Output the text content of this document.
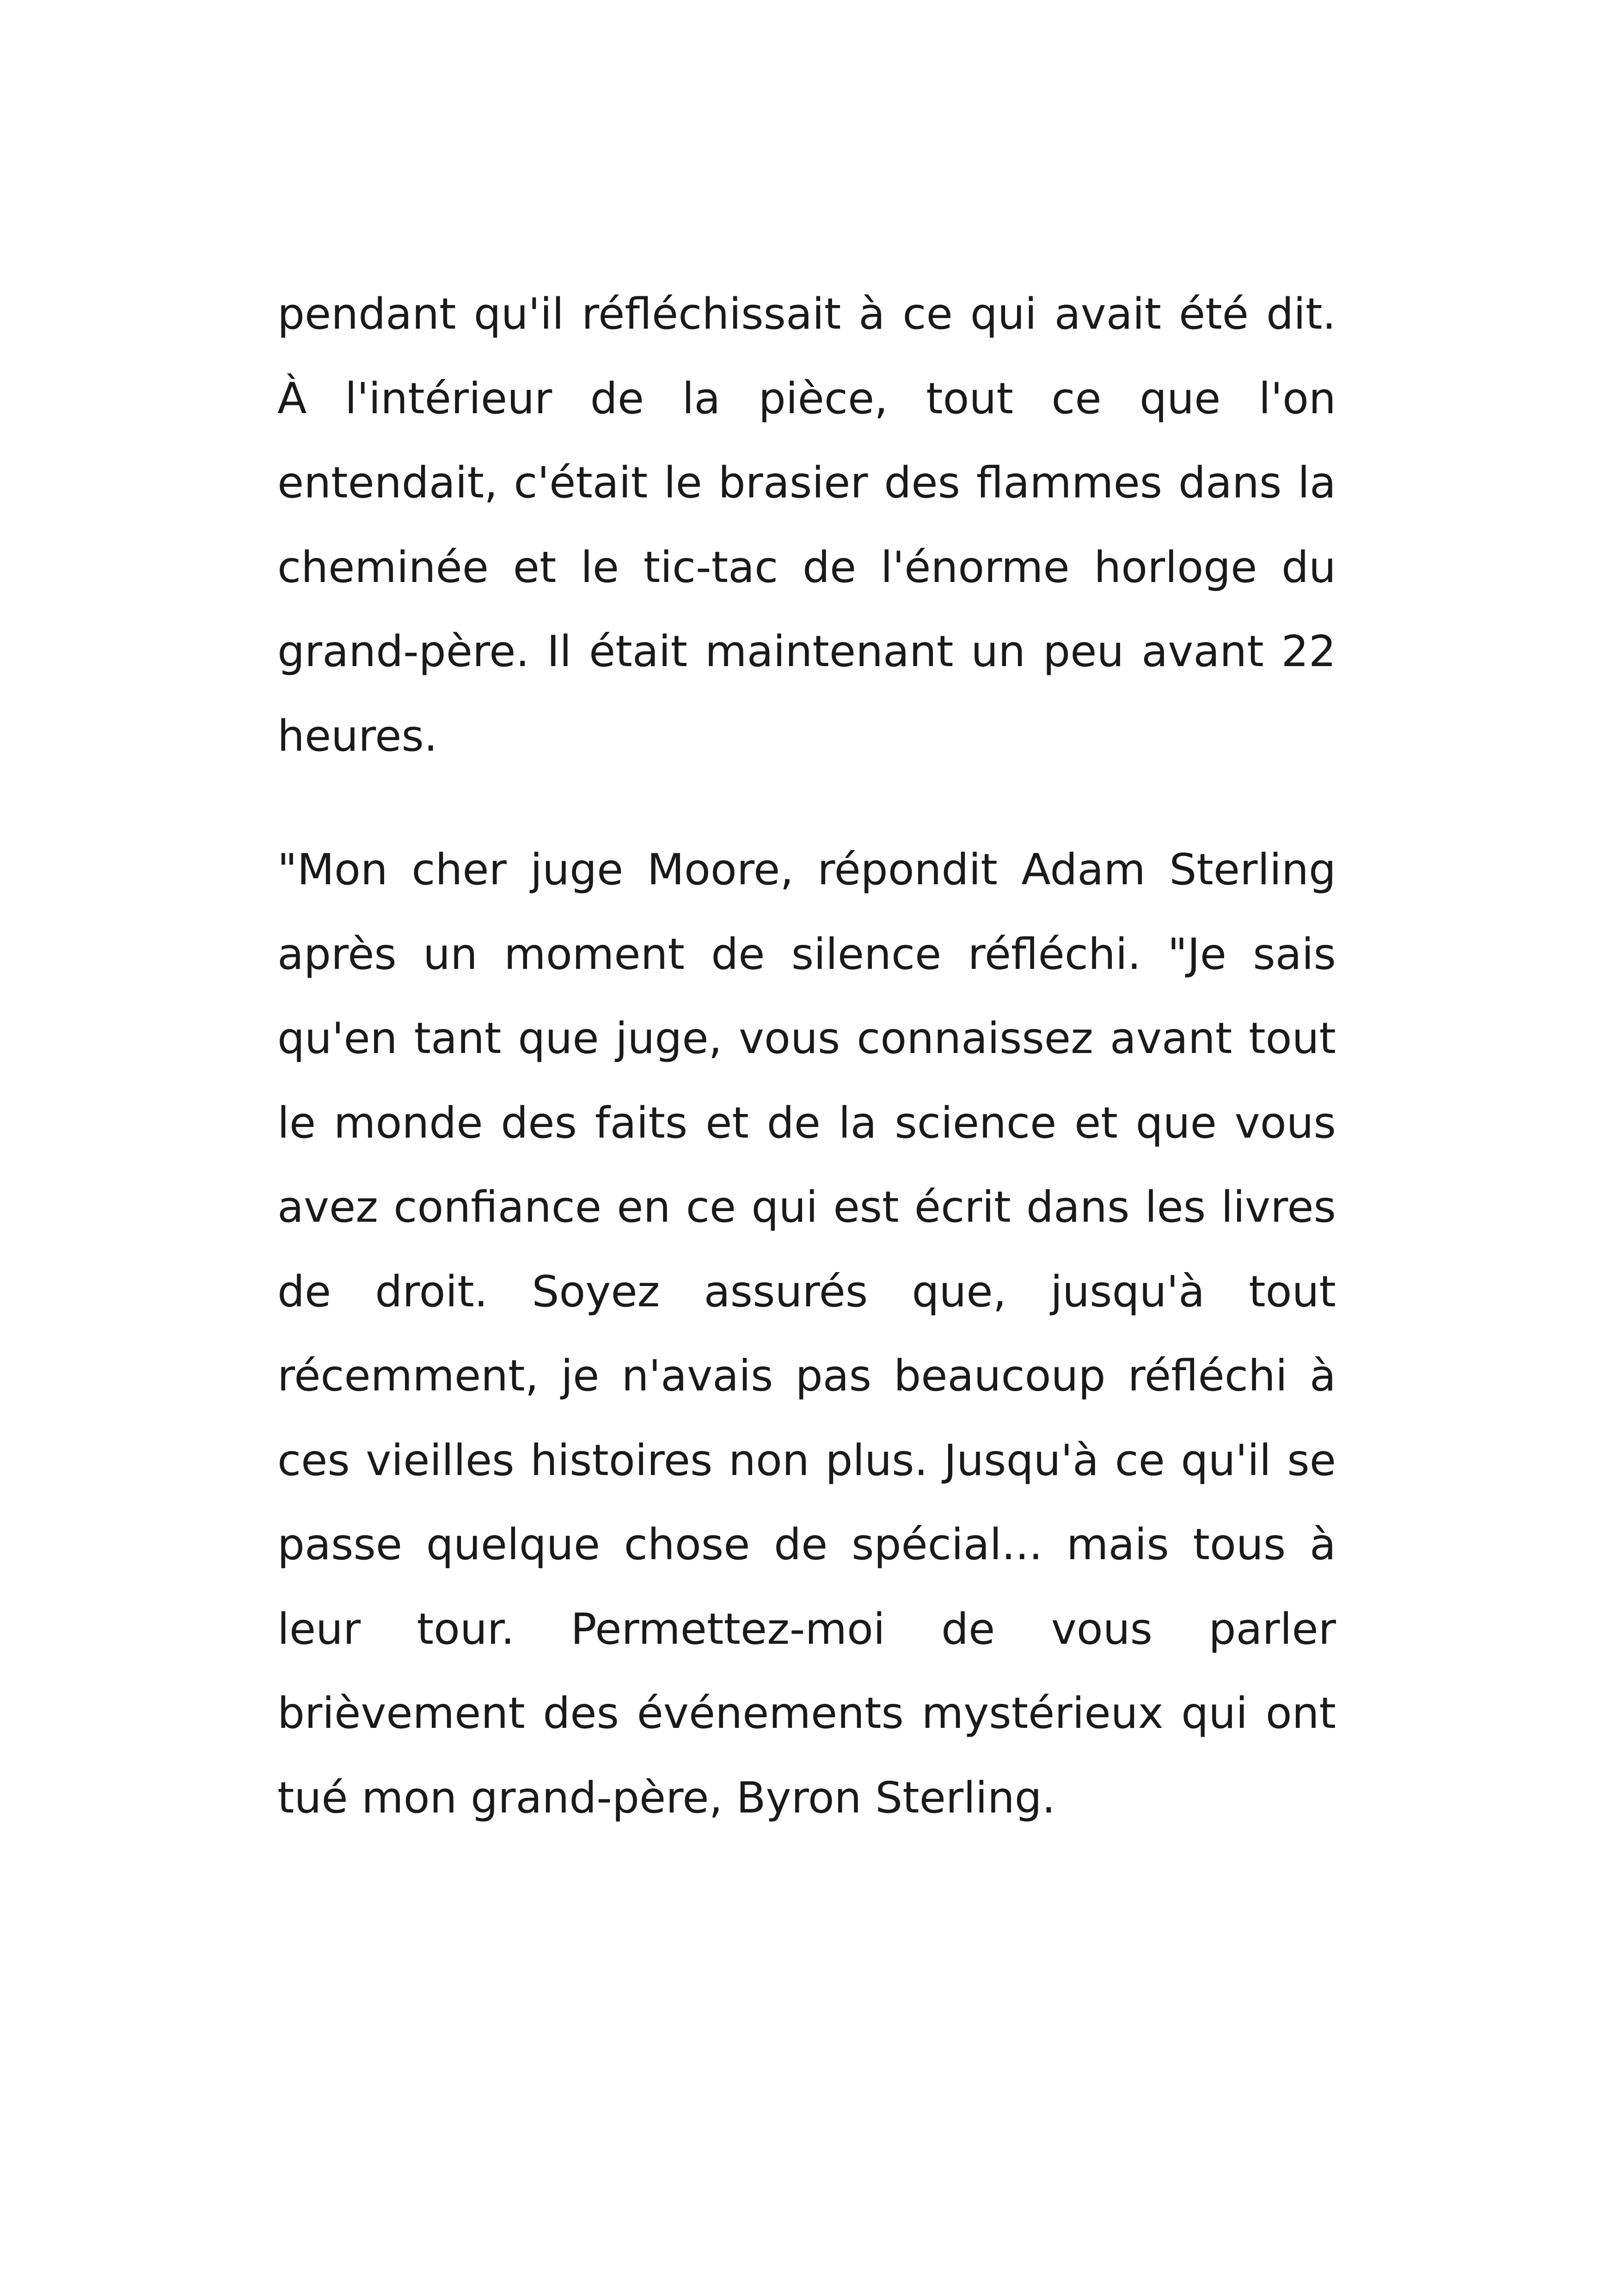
pendant qu'il réfléchissait à ce qui avait été dit. À l'intérieur de la pièce, tout ce que l'on entendait, c'était le brasier des flammes dans la cheminée et le tic-tac de l'énorme horloge du grand-père. Il était maintenant un peu avant 22 heures.

"Mon cher juge Moore, répondit Adam Sterling après un moment de silence réfléchi. "Je sais qu'en tant que juge, vous connaissez avant tout le monde des faits et de la science et que vous avez confiance en ce qui est écrit dans les livres de droit. Soyez assurés que, jusqu'à tout récemment, je n'avais pas beaucoup réfléchi à ces vieilles histoires non plus. Jusqu'à ce qu'il se passe quelque chose de spécial... mais tous à leur tour. Permettez-moi de vous parler brièvement des événements mystérieux qui ont tué mon grand-père, Byron Sterling.
